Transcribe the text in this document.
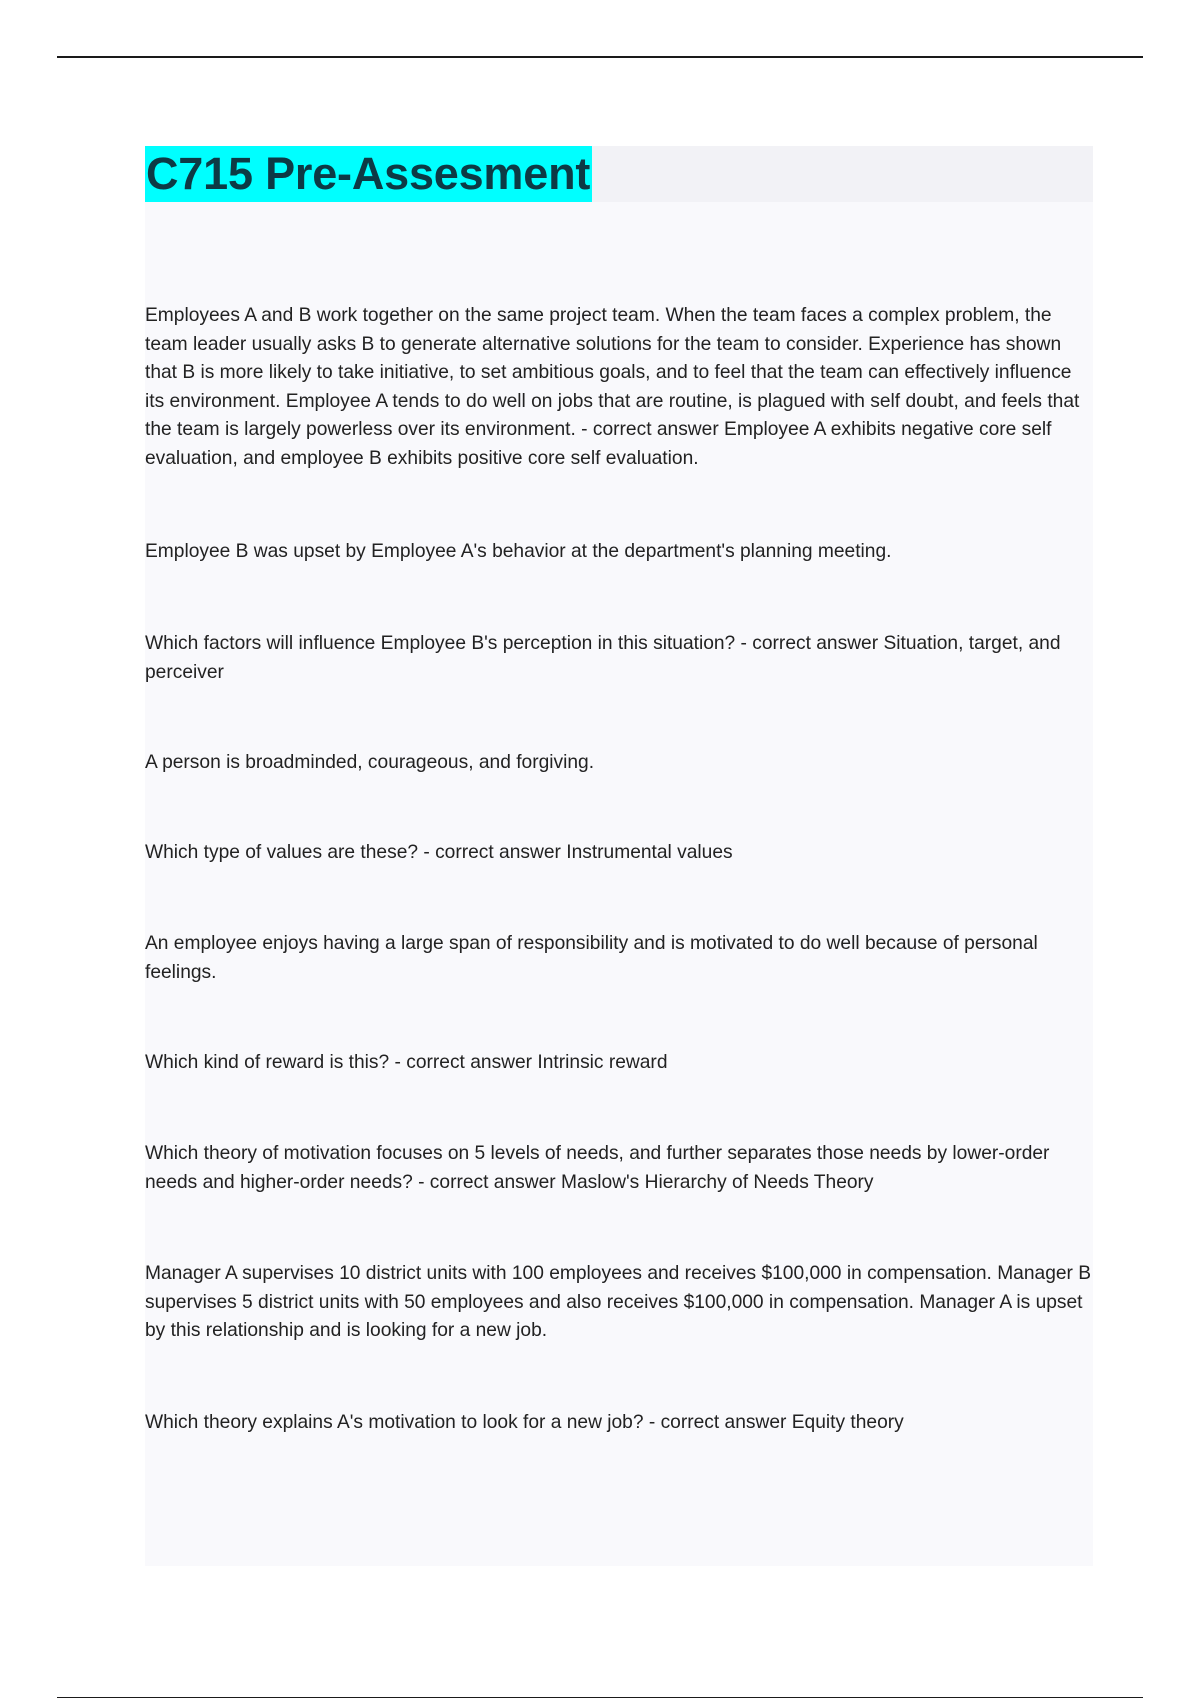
C715 Pre-Assesment

Employees A and B work together on the same project team. When the team faces a complex problem, the team leader usually asks B to generate alternative solutions for the team to consider. Experience has shown that B is more likely to take initiative, to set ambitious goals, and to feel that the team can effectively influence its environment. Employee A tends to do well on jobs that are routine, is plagued with self doubt, and feels that the team is largely powerless over its environment. - correct answer Employee A exhibits negative core self evaluation, and employee B exhibits positive core self evaluation.

Employee B was upset by Employee A's behavior at the department's planning meeting.

Which factors will influence Employee B's perception in this situation? - correct answer Situation, target, and perceiver

A person is broadminded, courageous, and forgiving.

Which type of values are these? - correct answer Instrumental values

An employee enjoys having a large span of responsibility and is motivated to do well because of personal feelings.

Which kind of reward is this? - correct answer Intrinsic reward

Which theory of motivation focuses on 5 levels of needs, and further separates those needs by lower-order needs and higher-order needs? - correct answer Maslow's Hierarchy of Needs Theory

Manager A supervises 10 district units with 100 employees and receives $100,000 in compensation. Manager B supervises 5 district units with 50 employees and also receives $100,000 in compensation. Manager A is upset by this relationship and is looking for a new job.

Which theory explains A's motivation to look for a new job? - correct answer Equity theory
